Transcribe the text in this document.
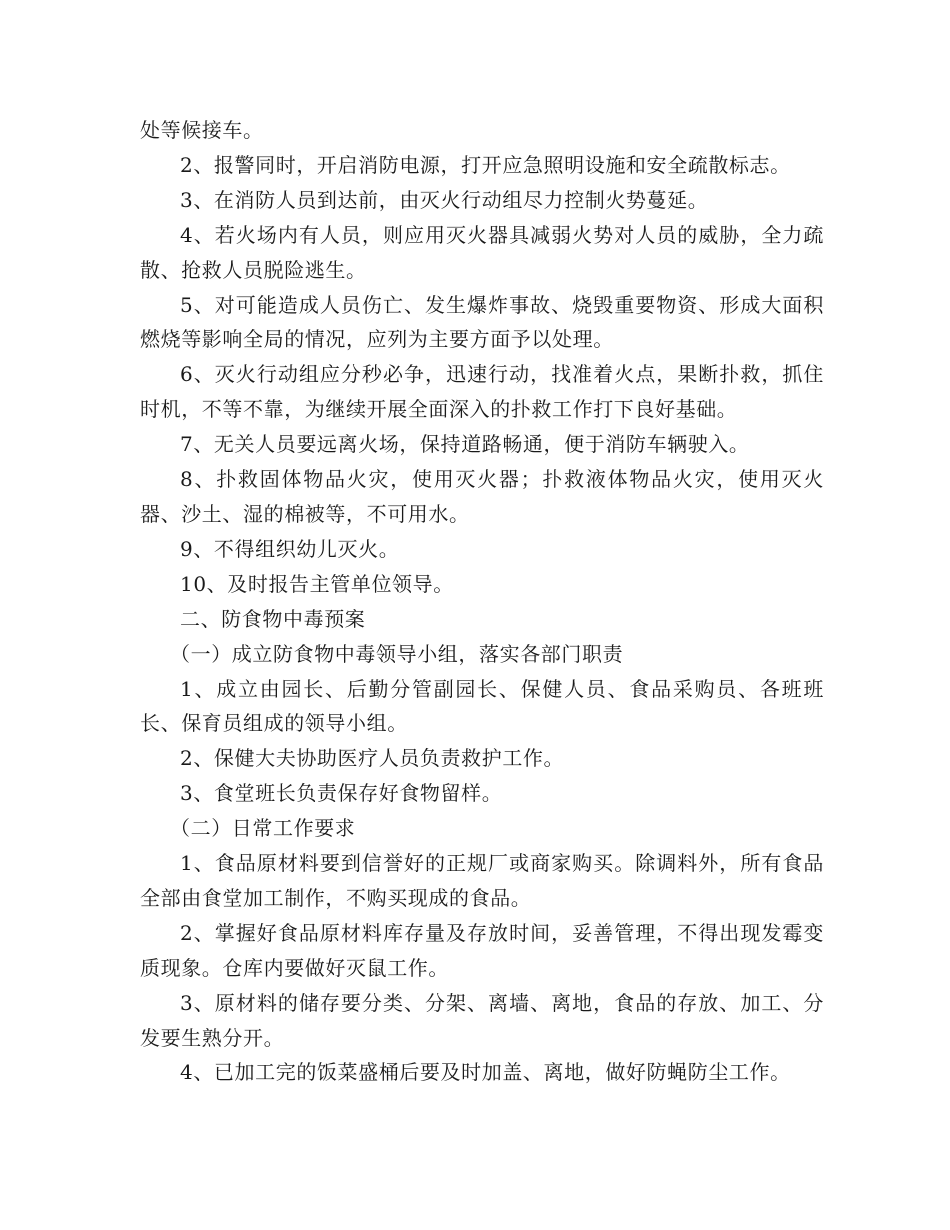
处等候接车。

2、报警同时，开启消防电源，打开应急照明设施和安全疏散标志。

3、在消防人员到达前，由灭火行动组尽力控制火势蔓延。

4、若火场内有人员，则应用灭火器具减弱火势对人员的威胁，全力疏散、抢救人员脱险逃生。

5、对可能造成人员伤亡、发生爆炸事故、烧毁重要物资、形成大面积燃烧等影响全局的情况，应列为主要方面予以处理。

6、灭火行动组应分秒必争，迅速行动，找准着火点，果断扑救，抓住时机，不等不靠，为继续开展全面深入的扑救工作打下良好基础。

7、无关人员要远离火场，保持道路畅通，便于消防车辆驶入。

8、扑救固体物品火灾，使用灭火器；扑救液体物品火灾，使用灭火器、沙土、湿的棉被等，不可用水。

9、不得组织幼儿灭火。

10、及时报告主管单位领导。

二、防食物中毒预案

（一）成立防食物中毒领导小组，落实各部门职责

1、成立由园长、后勤分管副园长、保健人员、食品采购员、各班班长、保育员组成的领导小组。

2、保健大夫协助医疗人员负责救护工作。

3、食堂班长负责保存好食物留样。

（二）日常工作要求

1、食品原材料要到信誉好的正规厂或商家购买。除调料外，所有食品全部由食堂加工制作，不购买现成的食品。

2、掌握好食品原材料库存量及存放时间，妥善管理，不得出现发霉变质现象。仓库内要做好灭鼠工作。

3、原材料的储存要分类、分架、离墙、离地，食品的存放、加工、分发要生熟分开。

4、已加工完的饭菜盛桶后要及时加盖、离地，做好防蝇防尘工作。
